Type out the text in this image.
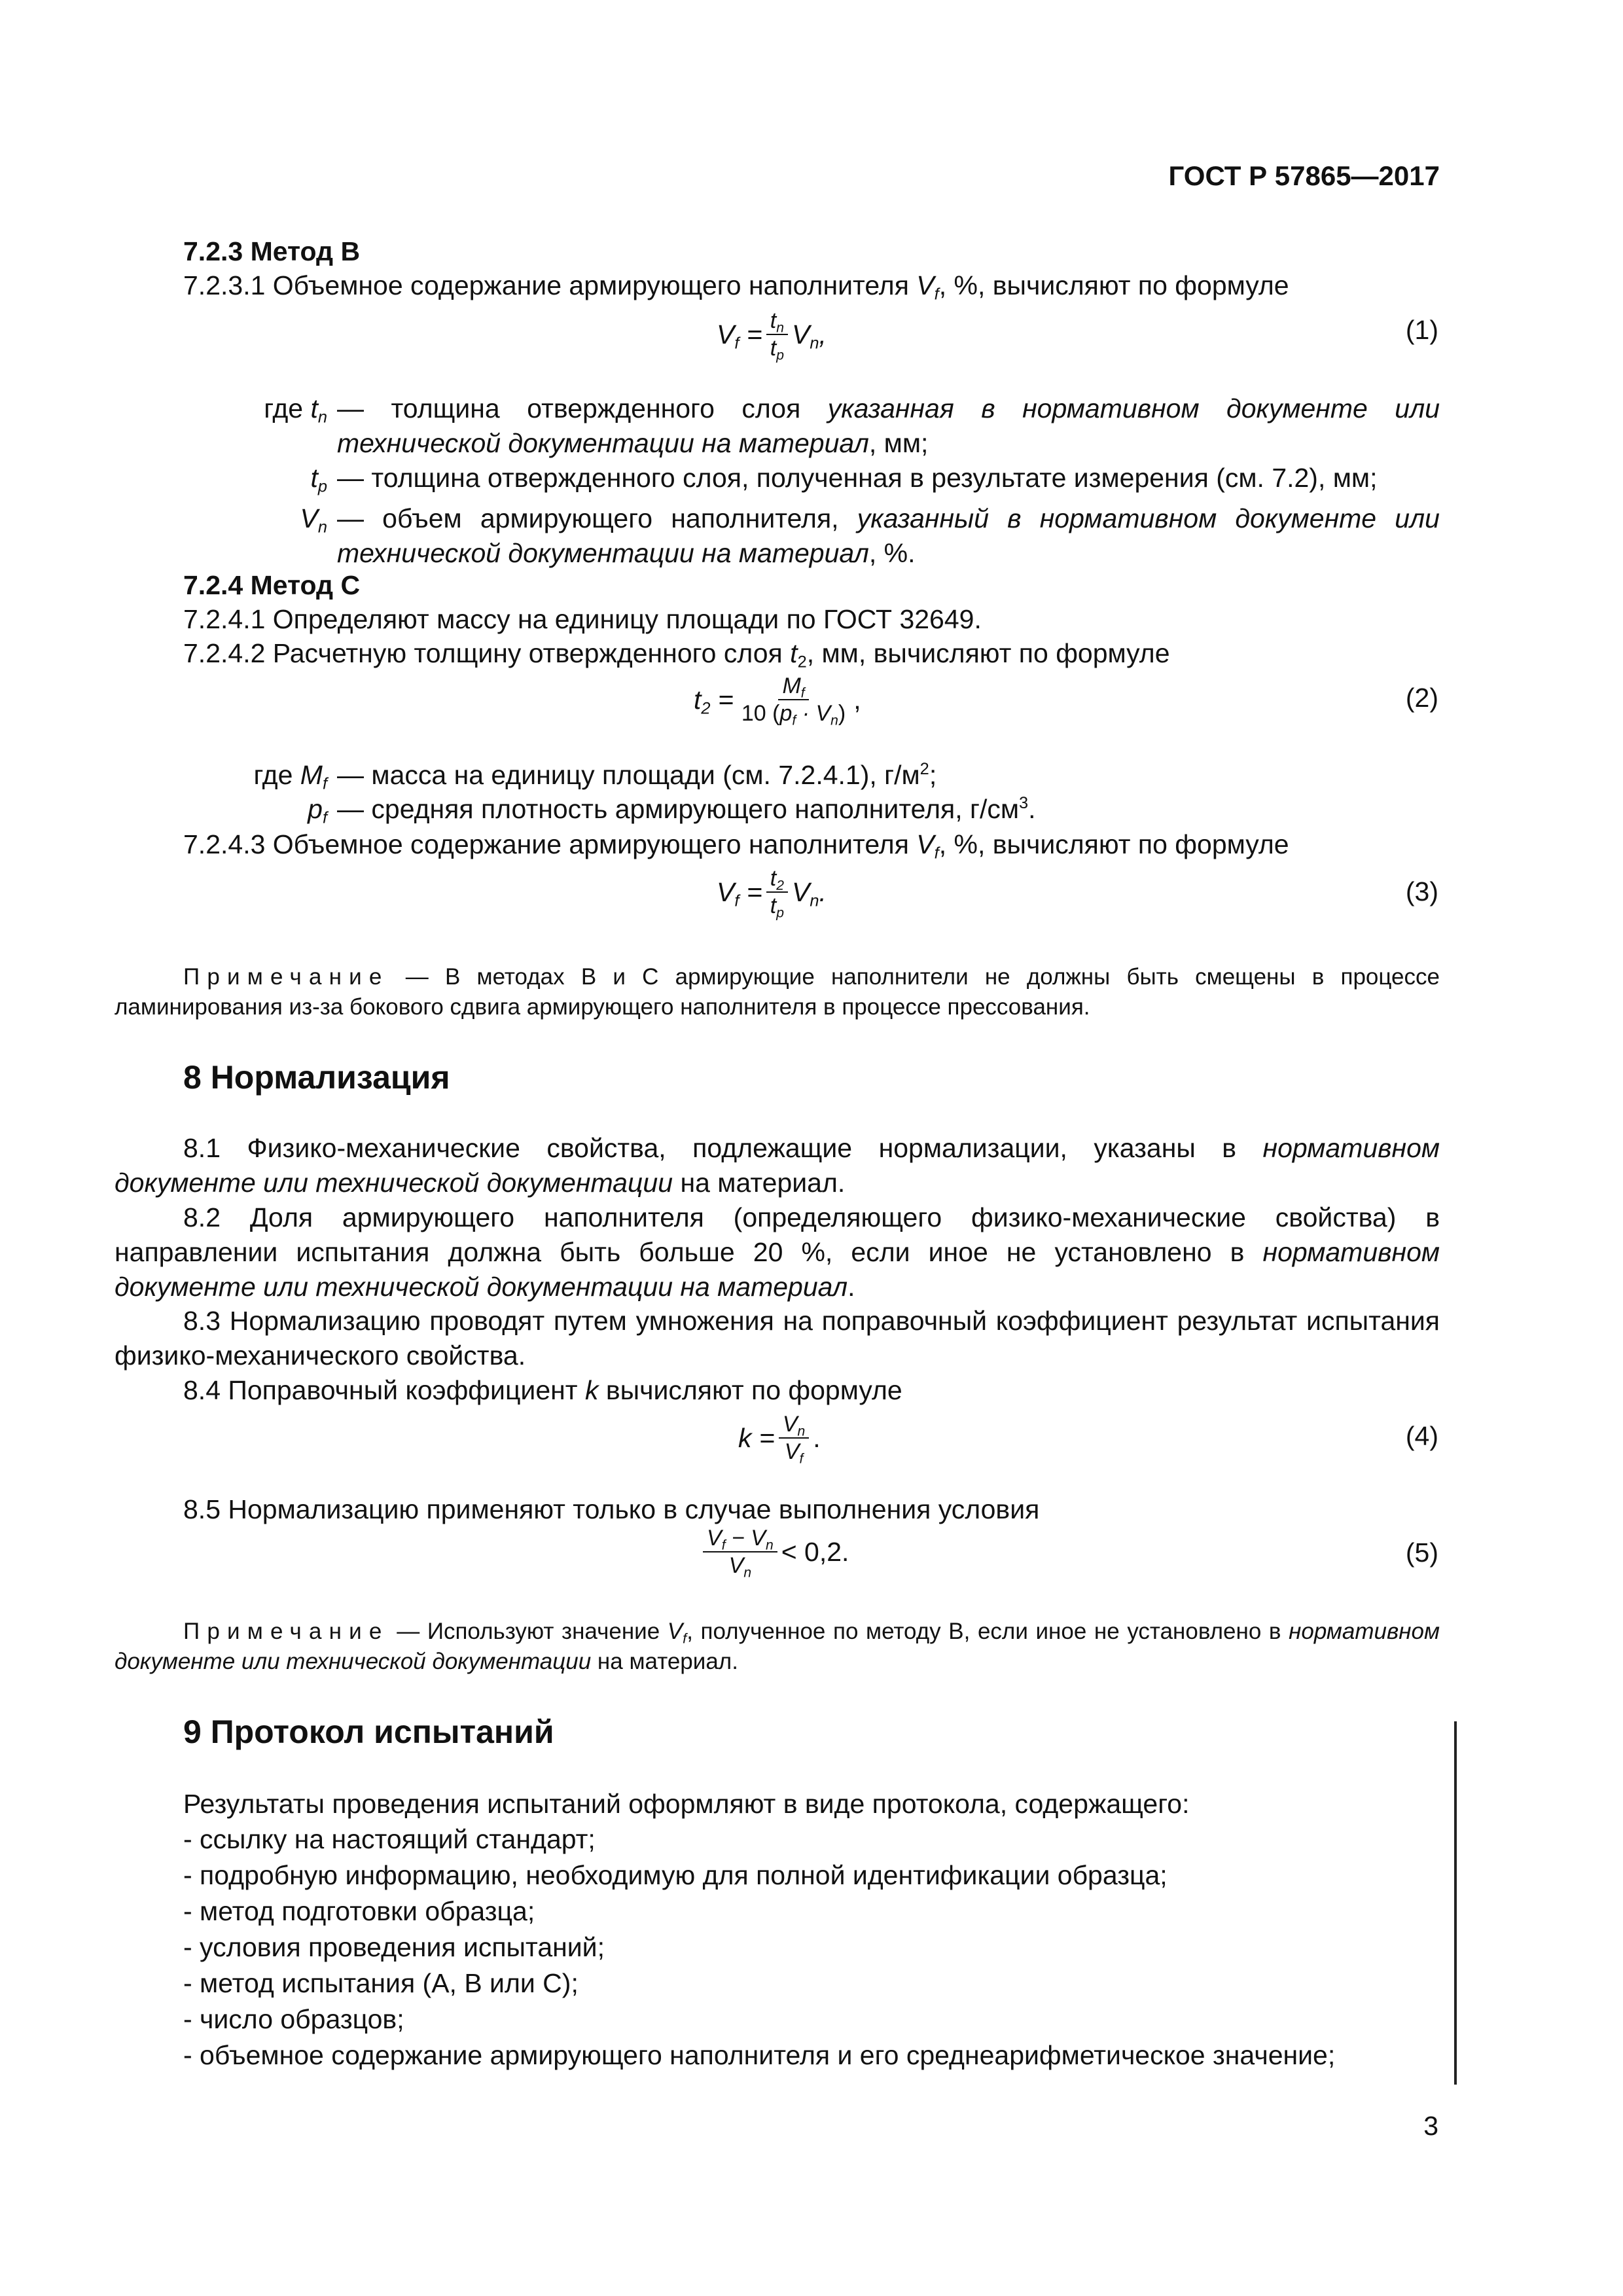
ГОСТ Р 57865—2017
7.2.3 Метод В
7.2.3.1 Объемное содержание армирующего наполнителя $V_f$, %, вычисляют по формуле
$V_f = \frac{t_n}{t_p} V_n$,	(1)
где $t_n$ — толщина отвержденного слоя указанная в нормативном документе или технической документации на материал, мм;
$t_p$ — толщина отвержденного слоя, полученная в результате измерения (см. 7.2), мм;
$V_n$ — объем армирующего наполнителя, указанный в нормативном документе или технической документации на материал, %.
7.2.4 Метод С
7.2.4.1 Определяют массу на единицу площади по ГОСТ 32649.
7.2.4.2 Расчетную толщину отвержденного слоя $t_2$, мм, вычисляют по формуле
$t_2 = \frac{M_f}{10 (p_f \cdot V_n)}$ ,	(2)
где $M_f$ — масса на единицу площади (см. 7.2.4.1), $г/м^2$;
$p_f$ — средняя плотность армирующего наполнителя, $г/см^3$.
7.2.4.3 Объемное содержание армирующего наполнителя $V_f$, %, вычисляют по формуле
$V_f = \frac{t_2}{t_p} V_n$.	(3)
Примечание — В методах В и С армирующие наполнители не должны быть смещены в процессе ламинирования из-за бокового сдвига армирующего наполнителя в процессе прессования.
8 Нормализация
8.1 Физико-механические свойства, подлежащие нормализации, указаны в нормативном документе или технической документации на материал.
8.2 Доля армирующего наполнителя (определяющего физико-механические свойства) в направлении испытания должна быть больше 20 %, если иное не установлено в нормативном документе или технической документации на материал.
8.3 Нормализацию проводят путем умножения на поправочный коэффициент результат испытания физико-механического свойства.
8.4 Поправочный коэффициент k вычисляют по формуле
$k = \frac{V_n}{V_f}$ .	(4)
8.5 Нормализацию применяют только в случае выполнения условия
$\frac{V_f - V_n}{V_n} < 0,2$.	(5)
Примечание — Используют значение $V_f$, полученное по методу В, если иное не установлено в нормативном документе или технической документации на материал.
9 Протокол испытаний
Результаты проведения испытаний оформляют в виде протокола, содержащего:
- ссылку на настоящий стандарт;
- подробную информацию, необходимую для полной идентификации образца;
- метод подготовки образца;
- условия проведения испытаний;
- метод испытания (А, В или С);
- число образцов;
- объемное содержание армирующего наполнителя и его среднеарифметическое значение;
3
